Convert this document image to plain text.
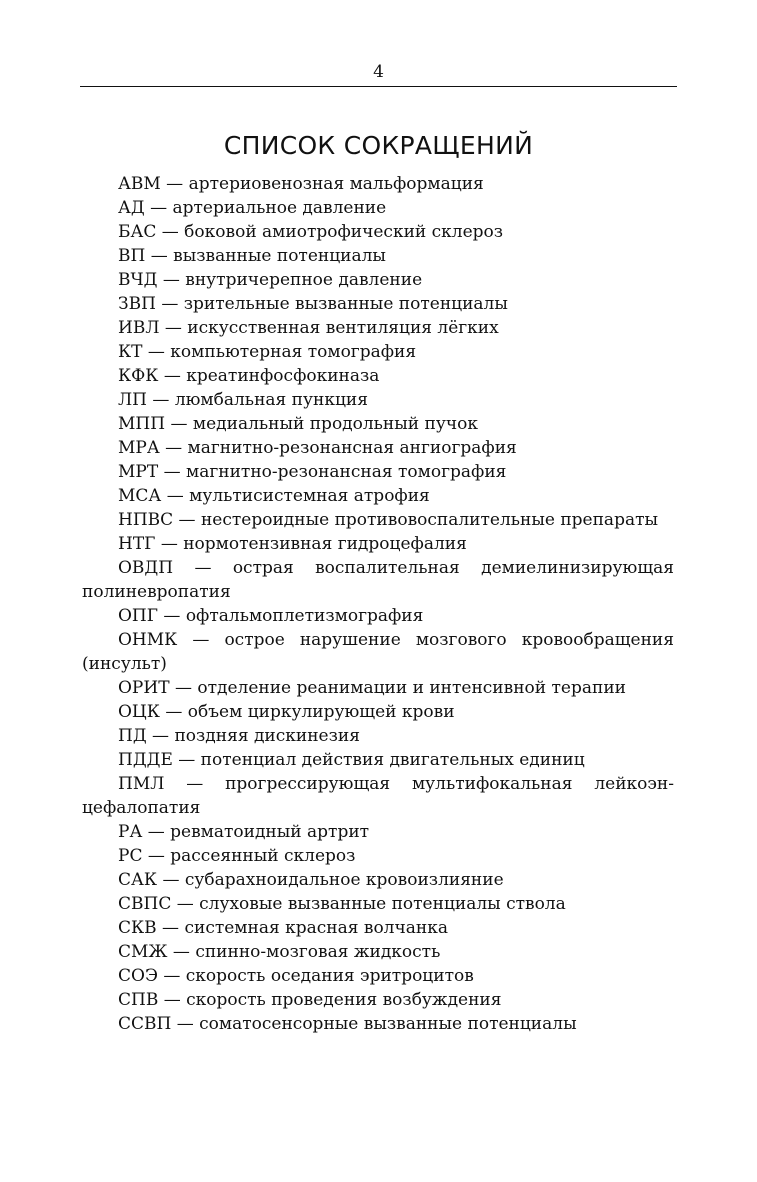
4
СПИСОК СОКРАЩЕНИЙ
АВМ — артериовенозная мальформация
АД — артериальное давление
БАС — боковой амиотрофический склероз
ВП — вызванные потенциалы
ВЧД — внутричерепное давление
ЗВП — зрительные вызванные потенциалы
ИВЛ — искусственная вентиляция лёгких
КТ — компьютерная томография
КФК — креатинфосфокиназа
ЛП — люмбальная пункция
МПП — медиальный продольный пучок
МРА — магнитно-резонансная ангиография
МРТ — магнитно-резонансная томография
МСА — мультисистемная атрофия
НПВС — нестероидные противовоспалительные препараты
НТГ — нормотензивная гидроцефалия
ОВДП — острая воспалительная демиелинизирующая полиневропатия
ОПГ — офтальмоплетизмография
ОНМК — острое нарушение мозгового кровообращения (инсульт)
ОРИТ — отделение реанимации и интенсивной терапии
ОЦК — объем циркулирующей крови
ПД — поздняя дискинезия
ПДДЕ — потенциал действия двигательных единиц
ПМЛ — прогрессирующая мультифокальная лейкоэнцефалопатия
РА — ревматоидный артрит
РС — рассеянный склероз
САК — субарахноидальное кровоизлияние
СВПС — слуховые вызванные потенциалы ствола
СКВ — системная красная волчанка
СМЖ — спинно-мозговая жидкость
СОЭ — скорость оседания эритроцитов
СПВ — скорость проведения возбуждения
ССВП — соматосенсорные вызванные потенциалы
